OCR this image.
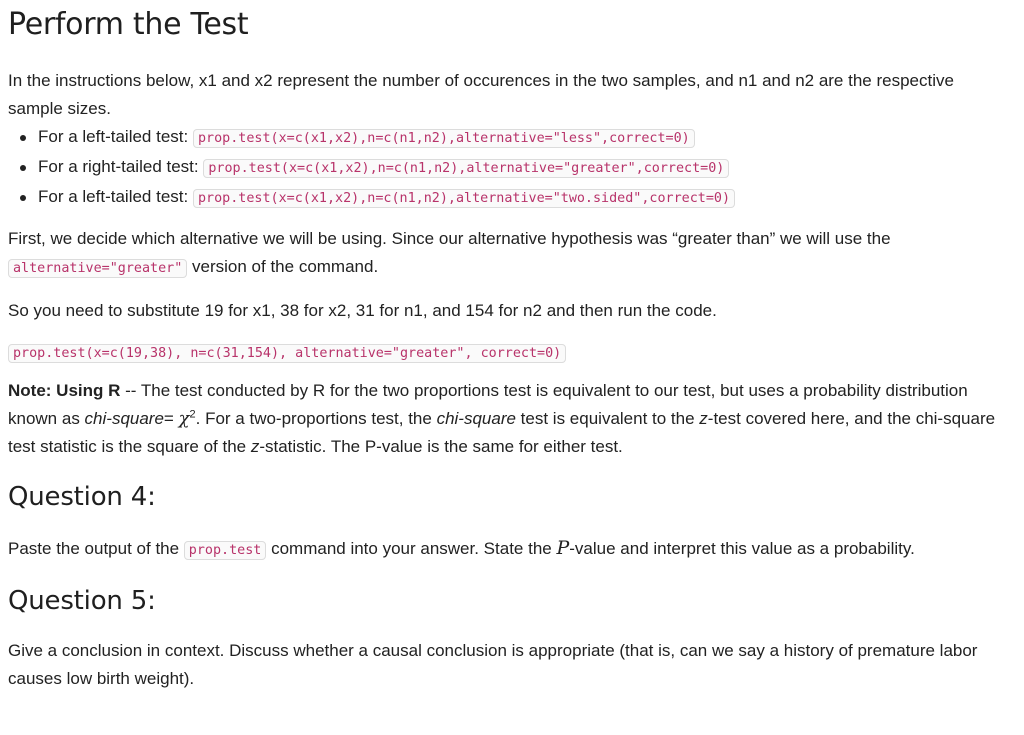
Perform the Test

In the instructions below, x1 and x2 represent the number of occurences in the two samples, and n1 and n2 are the respective sample sizes.

For a left-tailed test: prop.test(x=c(x1,x2),n=c(n1,n2),alternative="less",correct=0)
For a right-tailed test: prop.test(x=c(x1,x2),n=c(n1,n2),alternative="greater",correct=0)
For a left-tailed test: prop.test(x=c(x1,x2),n=c(n1,n2),alternative="two.sided",correct=0)

First, we decide which alternative we will be using. Since our alternative hypothesis was “greater than” we will use the alternative="greater" version of the command.

So you need to substitute 19 for x1, 38 for x2, 31 for n1, and 154 for n2 and then run the code.

prop.test(x=c(19,38), n=c(31,154), alternative="greater", correct=0)

Note: Using R -- The test conducted by R for the two proportions test is equivalent to our test, but uses a probability distribution known as chi-square= $\chi^2$. For a two-proportions test, the chi-square test is equivalent to the z-test covered here, and the chi-square test statistic is the square of the z-statistic. The P-value is the same for either test.

Question 4:

Paste the output of the prop.test command into your answer. State the P-value and interpret this value as a probability.

Question 5:

Give a conclusion in context. Discuss whether a causal conclusion is appropriate (that is, can we say a history of premature labor causes low birth weight).
